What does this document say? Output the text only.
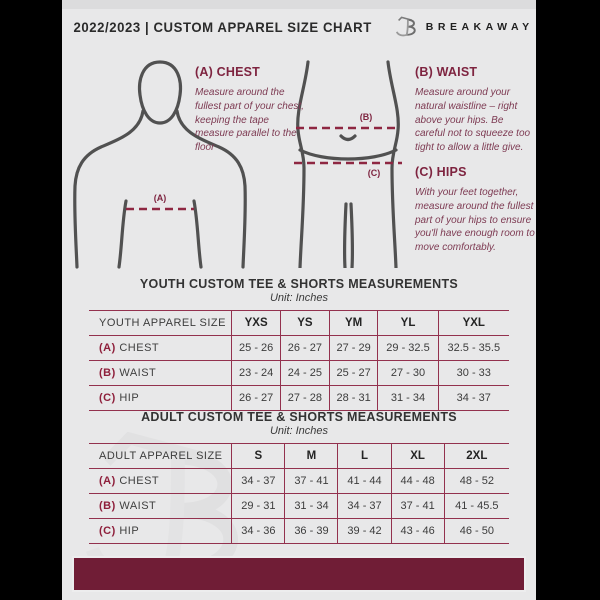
2022/2023 | CUSTOM APPAREL SIZE CHART	BREAKAWAY
(A)
(B)
(C)

(A) CHEST

Measure around the fullest part of your chest, keeping the tape measure parallel to the floor

(B) WAIST

Measure around your natural waistline – right above your hips. Be careful not to squeeze too tight to allow a little give.

(C) HIPS

With your feet together, measure around the fullest part of your hips to ensure you'll have enough room to move comfortably.

YOUTH CUSTOM TEE & SHORTS MEASUREMENTS

Unit: Inches

YOUTH APPAREL SIZE	YXS	YS	YM	YL	YXL
(A) CHEST	25 - 26	26 - 27	27 - 29	29 - 32.5	32.5 - 35.5
(B) WAIST	23 - 24	24 - 25	25 - 27	27 - 30	30 - 33
(C) HIP	26 - 27	27 - 28	28 - 31	31 - 34	34 - 37

ADULT CUSTOM TEE & SHORTS MEASUREMENTS

Unit: Inches

ADULT APPAREL SIZE	S	M	L	XL	2XL
(A) CHEST	34 - 37	37 - 41	41 - 44	44 - 48	48 - 52
(B) WAIST	29 - 31	31 - 34	34 - 37	37 - 41	41 - 45.5
(C) HIP	34 - 36	36 - 39	39 - 42	43 - 46	46 - 50
